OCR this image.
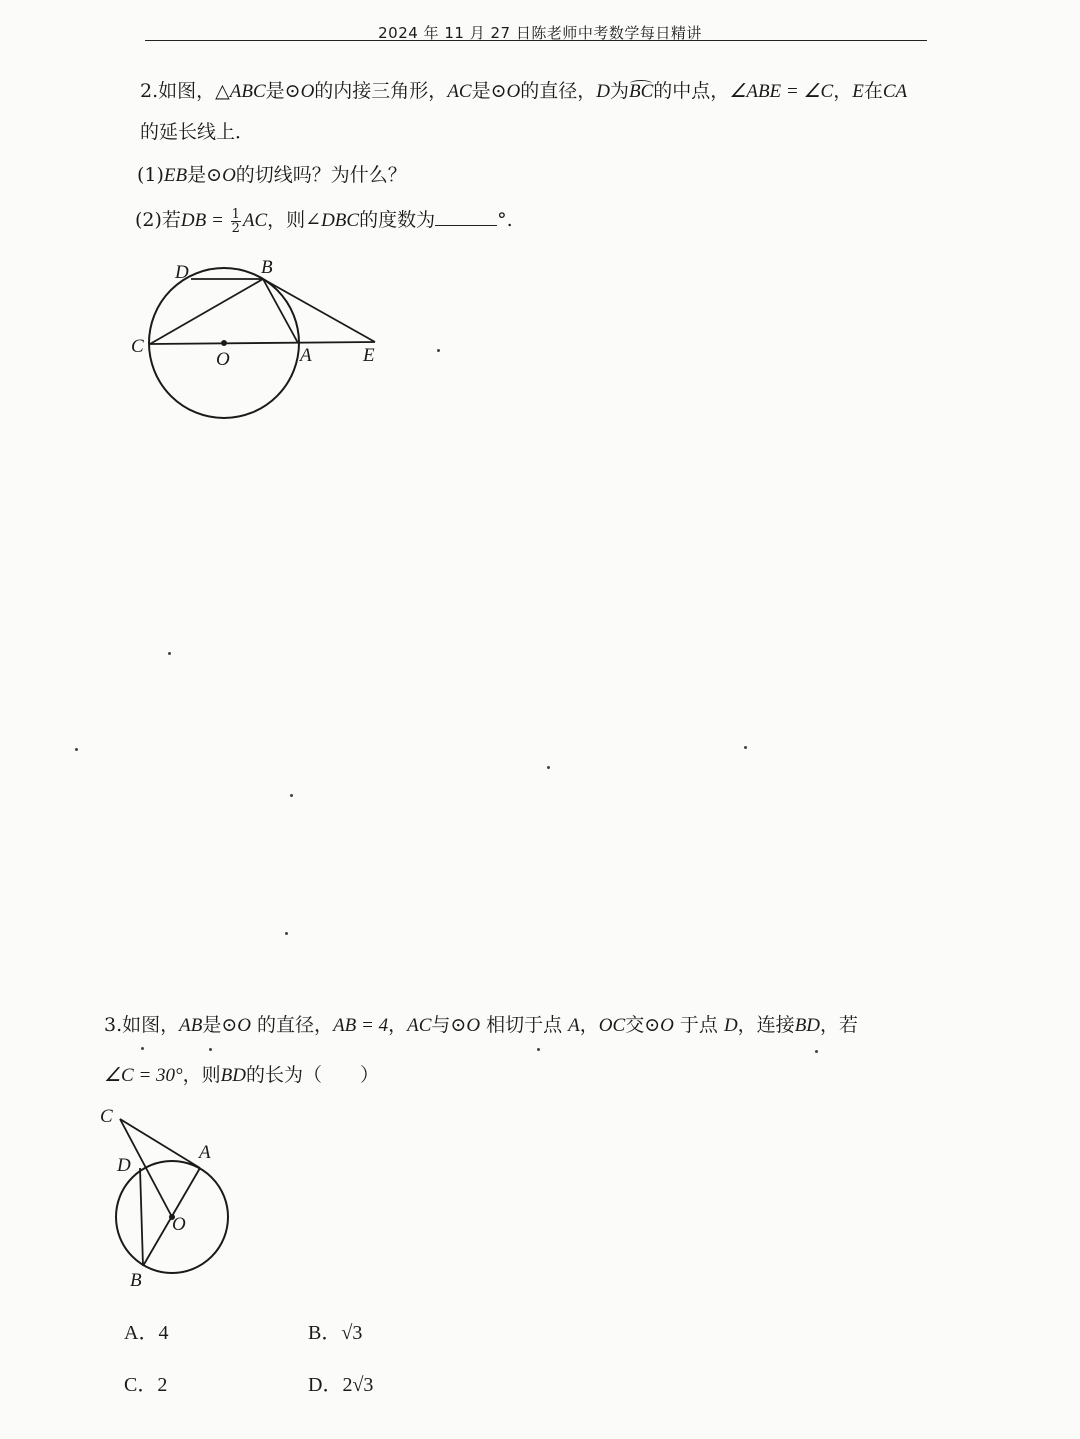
2024 年 11 月 27 日陈老师中考数学每日精讲
2.如图，△ABC是⊙O的内接三角形，AC是⊙O的直径，D为BC的中点，∠ABE = ∠C，E在CA
的延长线上．
(1)EB是⊙O的切线吗？为什么？
(2)若DB = $\frac{1}{2}$ AC，则∠DBC的度数为	°.
D	B
C
O	A	E
3.如图，AB是⊙O 的直径，AB = 4，AC与⊙O 相切于点 A，OC交⊙O 于点 D，连接BD，若
∠C = 30°，则BD的长为（　　）
C
D
A
O
B
A．4	B．√3
C．2	D．2√3
